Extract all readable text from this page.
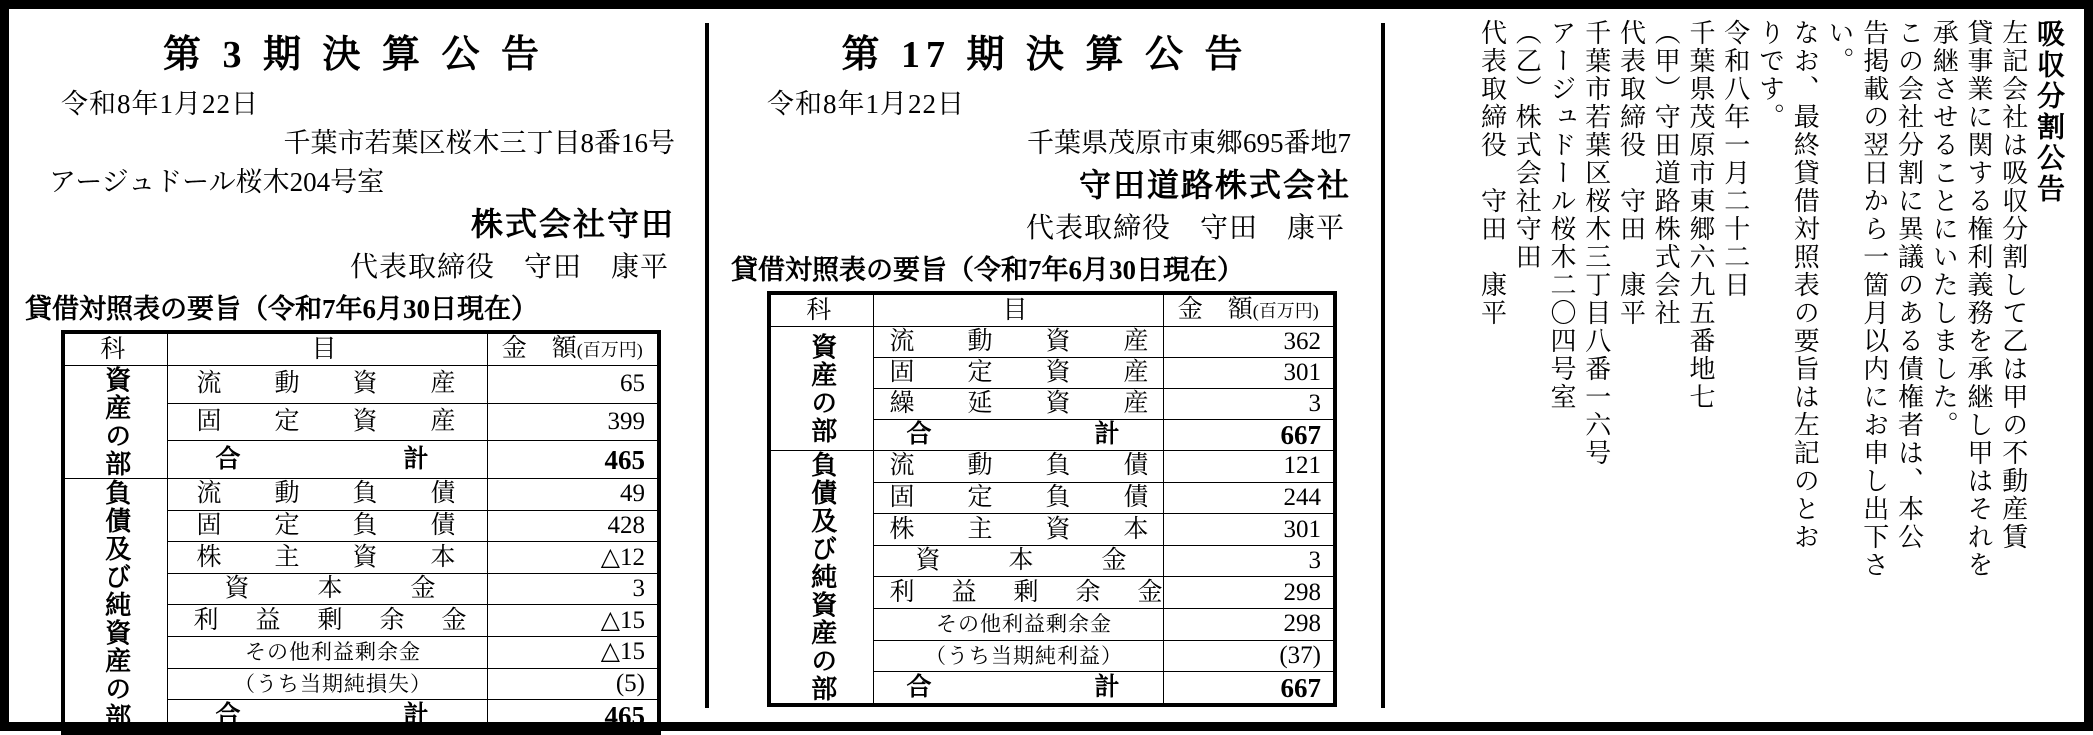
第 3 期 決 算 公 告
令和8年1月22日
千葉市若葉区桜木三丁目8番16号
アージュドール桜木204号室
株式会社守田
代表取締役　守田　康平
貸借対照表の要旨（令和7年6月30日現在）
科	目	金　額(百万円)

資産の部	流　動　資　産	65
	固　定　資　産	399
	合　　　計	465

負債及び純資産の部	流　動　負　債	49
	固　定　負　債	428
	株　主　資　本	△12
	資　　本　　金	3
	利　益　剰　余　金	△15
	その他利益剰余金	△15
	（うち当期純損失）	(5)
	合　　　計	465
第 17 期 決 算 公 告
令和8年1月22日
千葉県茂原市東郷695番地7
守田道路株式会社
代表取締役　守田　康平
貸借対照表の要旨（令和7年6月30日現在）
科	目	金　額(百万円)

資産の部	流　動　資　産	362
	固　定　資　産	301
	繰　延　資　産	3
	合　　　計	667

負債及び純資産の部	流　動　負　債	121
	固　定　負　債	244
	株　主　資　本	301
	資　　本　　金	3
	利　益　剰　余　金	298
	その他利益剰余金	298
	（うち当期純利益）	(37)
	合　　　計	667
吸収分割公告
左記会社は吸収分割して乙は甲の不動産賃
貸事業に関する権利義務を承継し甲はそれを
承継させることにいたしました。
この会社分割に異議のある債権者は、本公
告掲載の翌日から一箇月以内にお申し出下さ
い。
なお、最終貸借対照表の要旨は左記のとお
りです。
令和八年一月二十二日
千葉県茂原市東郷六九五番地七
（甲）守田道路株式会社
代表取締役　守田　康平
千葉市若葉区桜木三丁目八番一六号
アージュドール桜木二〇四号室
（乙）株式会社守田
代表取締役　守田　康平
